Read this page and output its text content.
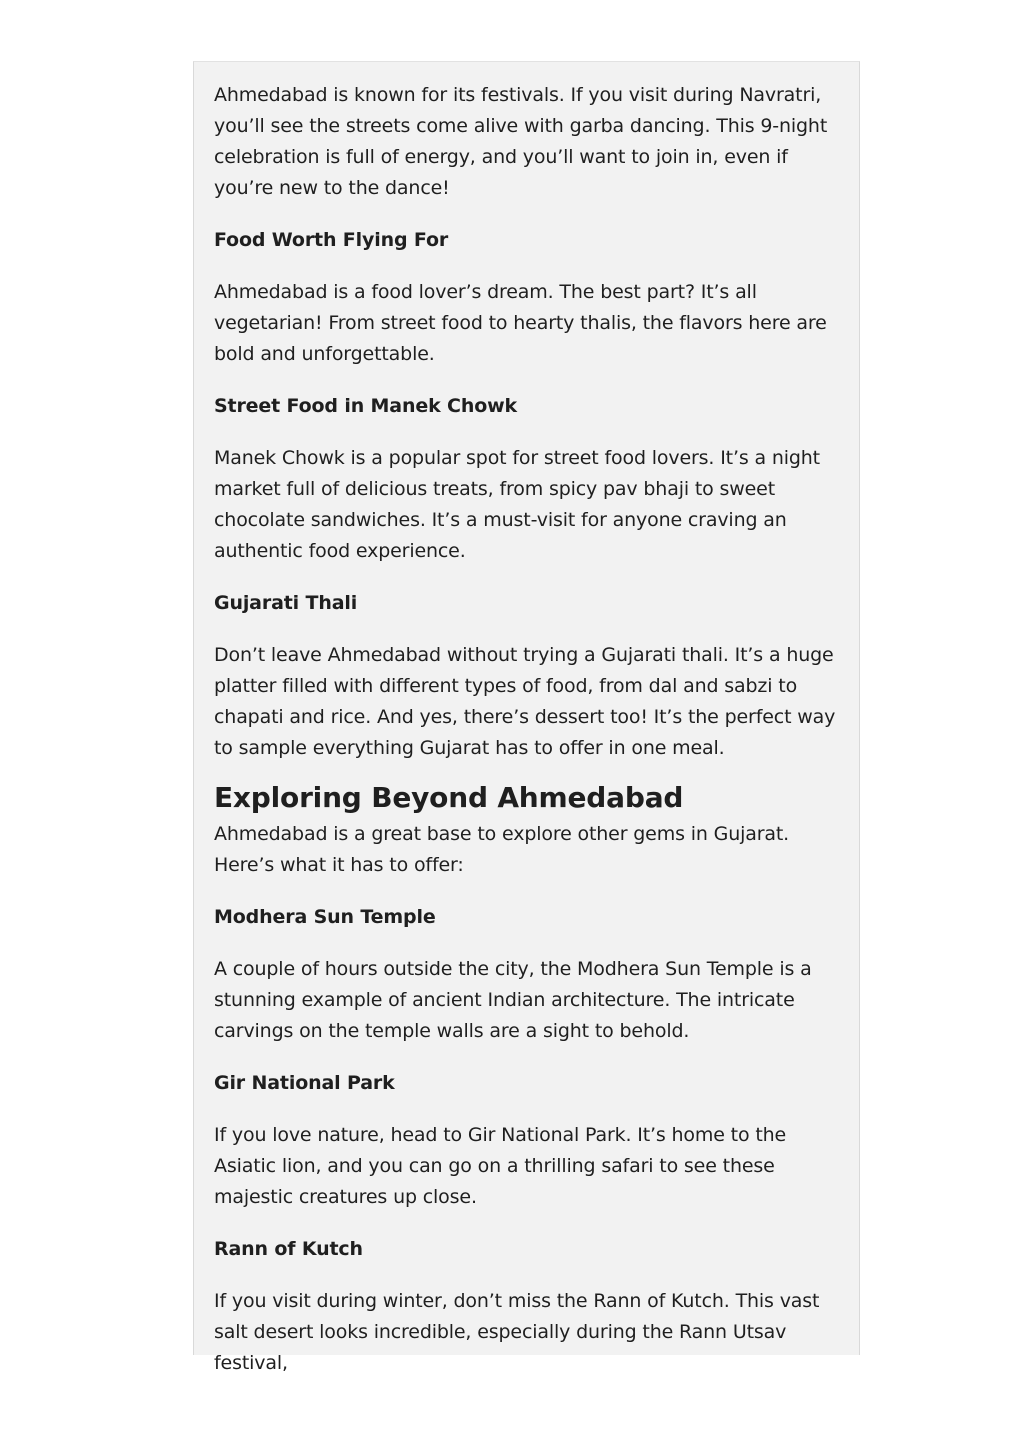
Ahmedabad is known for its festivals. If you visit during Navratri, you’ll see the streets come alive with garba dancing. This 9-night celebration is full of energy, and you’ll want to join in, even if you’re new to the dance!

Food Worth Flying For

Ahmedabad is a food lover’s dream. The best part? It’s all vegetarian! From street food to hearty thalis, the flavors here are bold and unforgettable.

Street Food in Manek Chowk

Manek Chowk is a popular spot for street food lovers. It’s a night market full of delicious treats, from spicy pav bhaji to sweet chocolate sandwiches. It’s a must-visit for anyone craving an authentic food experience.

Gujarati Thali

Don’t leave Ahmedabad without trying a Gujarati thali. It’s a huge platter filled with different types of food, from dal and sabzi to chapati and rice. And yes, there’s dessert too! It’s the perfect way to sample everything Gujarat has to offer in one meal.

Exploring Beyond Ahmedabad

Ahmedabad is a great base to explore other gems in Gujarat. Here’s what it has to offer:

Modhera Sun Temple

A couple of hours outside the city, the Modhera Sun Temple is a stunning example of ancient Indian architecture. The intricate carvings on the temple walls are a sight to behold.

Gir National Park

If you love nature, head to Gir National Park. It’s home to the Asiatic lion, and you can go on a thrilling safari to see these majestic creatures up close.

Rann of Kutch

If you visit during winter, don’t miss the Rann of Kutch. This vast salt desert looks incredible, especially during the Rann Utsav festival,
